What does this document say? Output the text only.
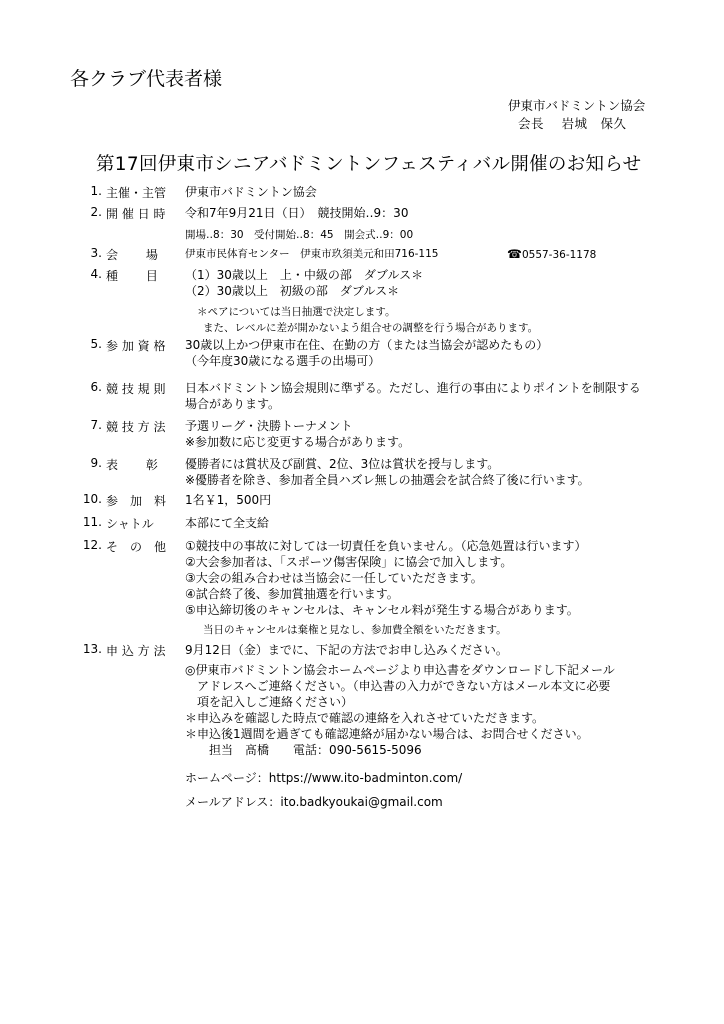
各クラブ代表者様
伊東市バドミントン協会
会長　 岩城　保久
第17回伊東市シニアバドミントンフェスティバル開催のお知らせ
1. 主催・主管 伊東市バドミントン協会
2. 開 催 日 時 令和7年9月21日（日）　競技開始‥9：30
開場‥8：30　受付開始‥8：45　開会式‥9：00
3. 会　　 場	伊東市民体育センター　伊東市玖須美元和田716-115	☎0557-36-1178
4. 種　　 目 （1）30歳以上　上・中級の部　ダブルス＊
（2）30歳以上　初級の部　ダブルス＊
＊ペアについては当日抽選で決定します。
また、レベルに差が開かないよう組合せの調整を行う場合があります。
5. 参 加 資 格 30歳以上かつ伊東市在住、在勤の方（または当協会が認めたもの）
（今年度30歳になる選手の出場可）
6. 競 技 規 則 日本バドミントン協会規則に準ずる。ただし、進行の事由によりポイントを制限する
場合があります。
7. 競 技 方 法 予選リーグ・決勝トーナメント
※参加数に応じ変更する場合があります。
9. 表　　 彰 優勝者には賞状及び副賞、2位、3位は賞状を授与します。
※優勝者を除き、参加者全員ハズレ無しの抽選会を試合終了後に行います。
10. 参　加　料 1名￥1，500円
11. シャトル	本部にて全支給
12. そ　の　他 ①競技中の事故に対しては一切責任を負いません。（応急処置は行います）
②大会参加者は、「スポーツ傷害保険」に協会で加入します。
③大会の組み合わせは当協会に一任していただきます。
④試合終了後、参加賞抽選を行います。
⑤申込締切後のキャンセルは、キャンセル料が発生する場合があります。
当日のキャンセルは棄権と見なし、参加費全額をいただきます。
13. 申 込 方 法 9月12日（金）までに、下記の方法でお申し込みください。
◎伊東市バドミントン協会ホームページより申込書をダウンロードし下記メール
アドレスへご連絡ください。（申込書の入力ができない方はメール本文に必要
項を記入しご連絡ください）
＊申込みを確認した時点で確認の連絡を入れさせていただきます。
＊申込後1週間を過ぎても確認連絡が届かない場合は、お問合せください。
担当　髙橋　　電話：090-5615-5096
ホームページ：https://www.ito-badminton.com/
メールアドレス：ito.badkyoukai@gmail.com
